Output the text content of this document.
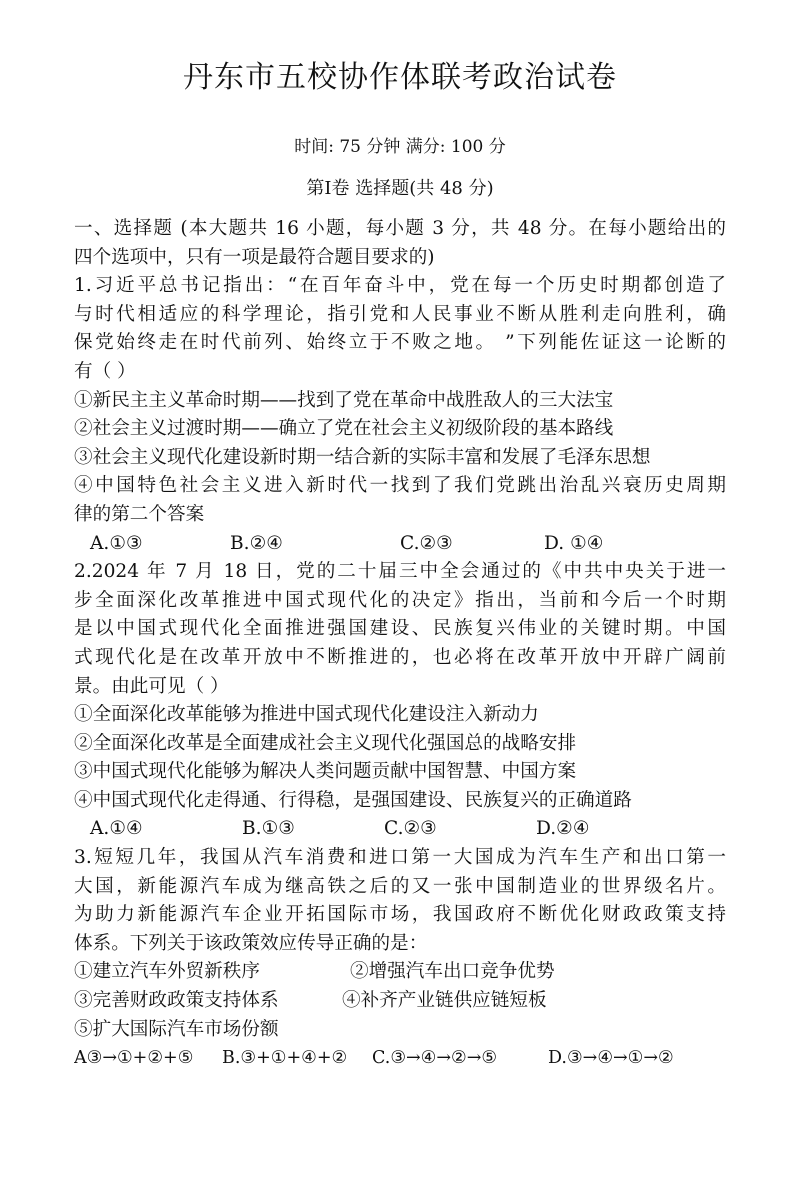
丹东市五校协作体联考政治试卷
时间: 75 分钟 满分: 100 分
第Ⅰ卷 选择题(共 48 分)
一、选择题 (本大题共 16 小题，每小题 3 分，共 48 分。在每小题给出的
四个选项中，只有一项是最符合题目要求的)
1.习近平总书记指出：“在百年奋斗中，党在每一个历史时期都创造了
与时代相适应的科学理论，指引党和人民事业不断从胜利走向胜利，确
保党始终走在时代前列、始终立于不败之地。 ”下列能佐证这一论断的
有（ ）
①新民主主义革命时期——找到了党在革命中战胜敌人的三大法宝
②社会主义过渡时期——确立了党在社会主义初级阶段的基本路线
③社会主义现代化建设新时期一结合新的实际丰富和发展了毛泽东思想
④中国特色社会主义进入新时代一找到了我们党跳出治乱兴衰历史周期
律的第二个答案
A.①③	B.②④	C.②③	D. ①④
2.2024 年 7 月 18 日，党的二十届三中全会通过的《中共中央关于进一
步全面深化改革推进中国式现代化的决定》指出，当前和今后一个时期
是以中国式现代化全面推进强国建设、民族复兴伟业的关键时期。中国
式现代化是在改革开放中不断推进的，也必将在改革开放中开辟广阔前
景。由此可见（ ）
①全面深化改革能够为推进中国式现代化建设注入新动力
②全面深化改革是全面建成社会主义现代化强国总的战略安排
③中国式现代化能够为解决人类问题贡献中国智慧、中国方案
④中国式现代化走得通、行得稳，是强国建设、民族复兴的正确道路
A.①④	B.①③	C.②③	D.②④
3.短短几年，我国从汽车消费和进口第一大国成为汽车生产和出口第一
大国，新能源汽车成为继高铁之后的又一张中国制造业的世界级名片。
为助力新能源汽车企业开拓国际市场，我国政府不断优化财政政策支持
体系。下列关于该政策效应传导正确的是：
①建立汽车外贸新秩序	②增强汽车出口竞争优势
③完善财政政策支持体系	④补齐产业链供应链短板
⑤扩大国际汽车市场份额
A③→①+②+⑤	B.③+①+④+②	C.③→④→②→⑤	D.③→④→①→②
